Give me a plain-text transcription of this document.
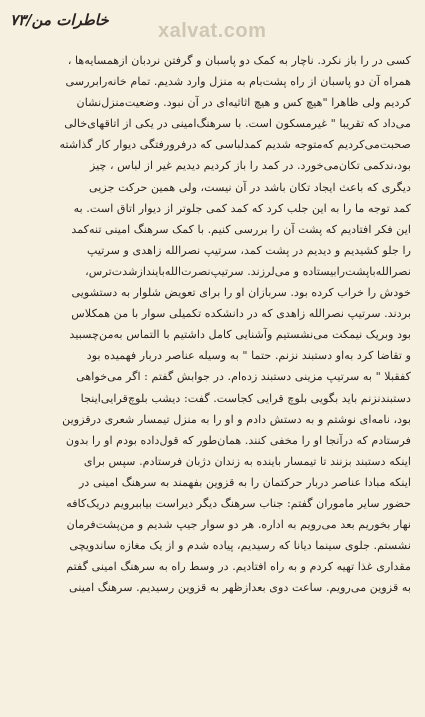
خاطرات من/۷۳ xalvat.com
کسی در را باز نکرد. ناچار به کمک دو پاسبان و گرفتن نردبان ازهمسایه‌ها ،
همراه آن دو پاسبان از راه پشت‌بام به منزل وارد شدیم. تمام خانه‌رابررسی
کردیم ولی ظاهرا "هیچ کس و هیچ اثاثیه‌ای در آن نبود. وضعیت‌منزل‌نشان
می‌داد که تقریبا " غیرمسکون است. با سرهنگ‌امینی در یکی از اتاقهای‌خالی
صحبت‌می‌کردیم که‌متوجه شدیم کمدلباسی که درفرورفتگی دیوار کار گذاشته
بود،ندکمی تکان‌می‌خورد. در کمد را باز کردیم دیدیم غیر از لباس ، چیز
دیگری که باعث ایجاد تکان باشد در آن نیست، ولی همین حرکت جزیی
کمد توجه ما را به این جلب کرد که کمد کمی جلوتر از دیوار اتاق است. به
این فکر افتادیم که پشت آن را بررسی کنیم. با کمک سرهنگ امینی تنه‌کمد
را جلو کشیدیم و دیدیم در پشت کمد، سرتیپ نصرالله زاهدی و سرتیپ
نصرالله‌باپشت‌رابیستاده و می‌لرزند. سرتیپ‌نصرت‌الله‌بایند‌ازشدت‌ترس،
خودش را خراب کرده بود. سربازان او را برای تعویض شلوار به دستشویی
بردند. سرتیپ نصرالله زاهدی که در دانشکده تکمیلی سوار با من همکلاس
بود وبریک نیمکت می‌نشستیم وآشنایی کامل داشتیم با التماس به‌من‌چسبید
و تقاضا کرد به‌او دستبند نزنم. حتما " به وسیله عناصر دربار فهمیده بود
کفقبلا " به سرتیپ مزینی دستبند زده‌ام. در جوابش گفتم : اگر می‌خواهی
دستبندنزنم باید بگویی بلوچ قرایی کجاست. گفت: دیشب بلوچ‌قرایی‌اینجا
بود، نامه‌ای نوشتم و به دستش دادم و او را به منزل تیمسار شعری درقزوین
فرستادم که درآنجا او را مخفی کنند. همان‌طور که قول‌داده بودم او را بدون
اینکه دستبند بزنند تا تیمسار باینده به زندان دژبان فرستادم. سپس برای
اینکه مبادا عناصر دربار حرکتمان را به قزوین بفهمند به سرهنگ امینی در
حضور سایر ماموران گفتم: جناب سرهنگ دیگر دیراست بیاببرویم دریک‌کافه
نهار بخوریم بعد می‌رویم به اداره. هر دو سوار جیپ شدیم و من‌پشت‌فرمان
نشستم. جلوی سینما دیانا که رسیدیم، پیاده شدم و از یک مغازه ساندویچی
مقداری غذا تهیه کردم و به راه افتادیم. در وسط راه به سرهنگ امینی گفتم
به قزوین می‌رویم. ساعت دوی بعدازظهر به قزوین رسیدیم. سرهنگ امینی
